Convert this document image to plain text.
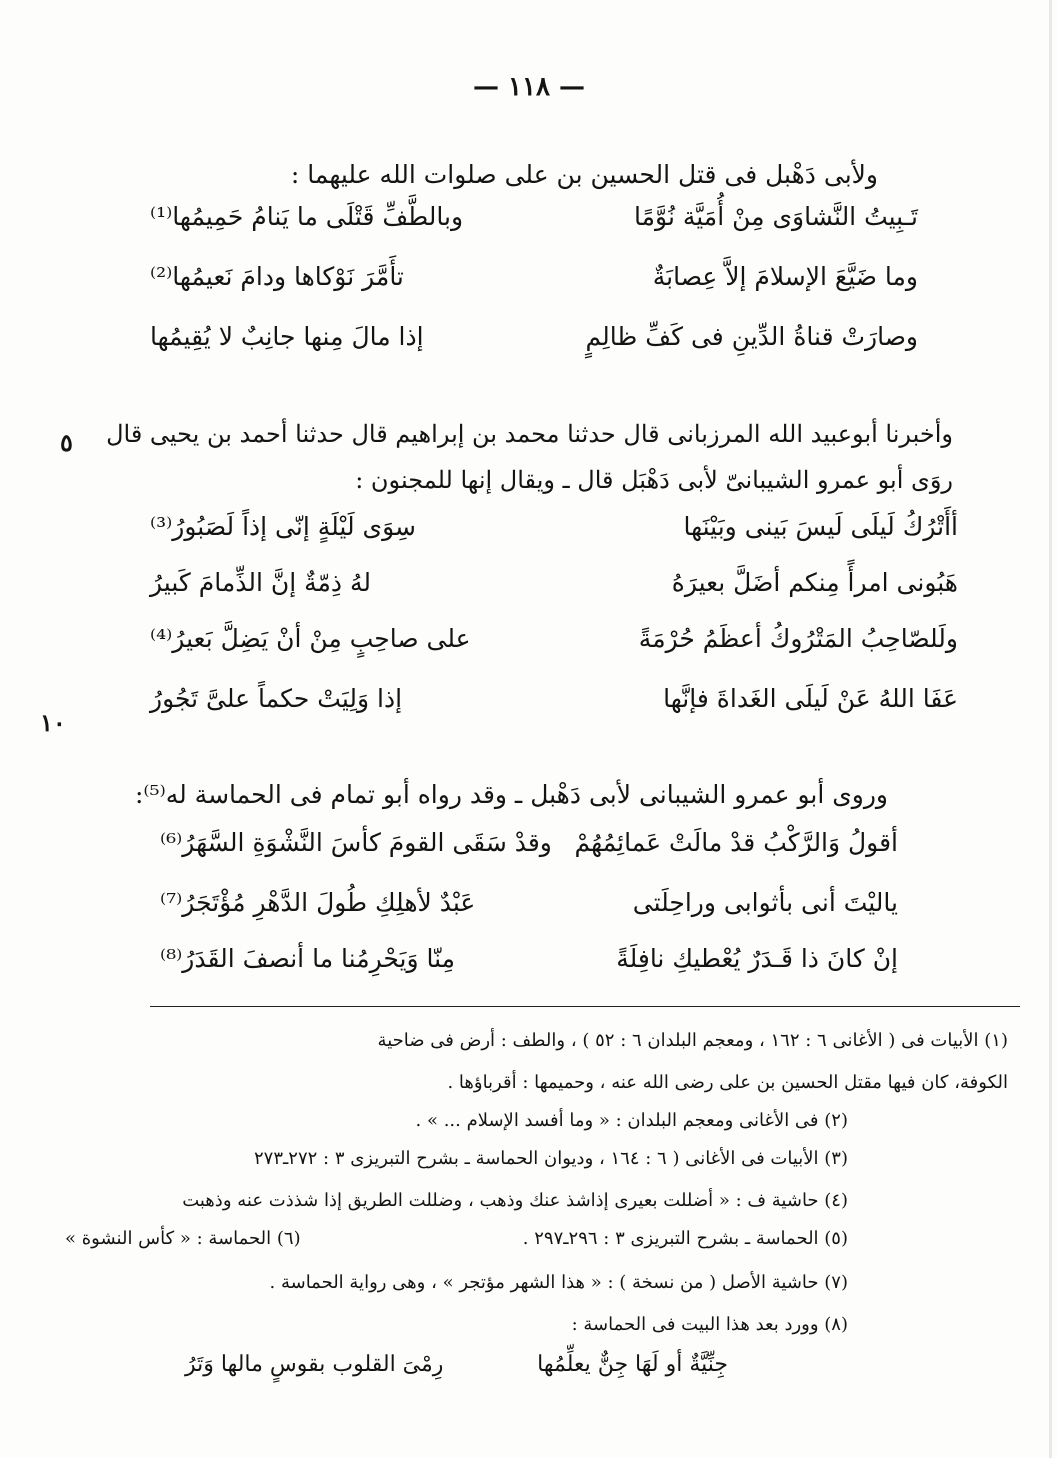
— ١١٨ —
ولأبى دَهْبل فى قتل الحسين بن على صلوات الله عليهما :
تَـبِيتُ النَّشاوَى مِنْ أُمَيَّة نُوَّمًا
وبالطَّفِّ قَتْلَى ما يَنامُ حَمِيمُها⁽¹⁾
وما ضَيَّعَ الإسلامَ إلاَّ عِصابَةٌ
تأَمَّرَ نَوْكاها ودامَ نَعيمُها⁽²⁾
وصارَتْ قناةُ الدِّينِ فى كَفِّ ظالِمٍ
إذا مالَ مِنها جانِبٌ لا يُقِيمُها
وأخبرنا أبوعبيد الله المرزبانى قال حدثنا محمد بن إبراهيم قال حدثنا أحمد بن يحيى قال
٥
روَى أبو عمرو الشيبانىّ لأبى دَهْبَل قال ـ ويقال إنها للمجنون :
أأَتْرُكُ لَيلَى لَيسَ بَينى وبَيْنَها
سِوَى لَيْلَةٍ إنّى إذاً لَصَبُورُ⁽³⁾
هَبُونى امرأً مِنكم أضَلَّ بعيرَهُ
لهُ ذِمّةٌ إنَّ الذِّمامَ كَبيرُ
ولَلصّاحِبُ المَتْرُوكُ أعظَمُ حُرْمَةً
على صاحِبٍ مِنْ أنْ يَضِلَّ بَعيرُ⁽⁴⁾
عَفَا اللهُ عَنْ لَيلَى الغَداةَ فإنَّها
إذا وَلِيَتْ حكماً علىَّ تَجُورُ
١٠
وروى أبو عمرو الشيبانى لأبى دَهْبل ـ وقد رواه أبو تمام فى الحماسة له⁽⁵⁾:
أقولُ وَالرَّكْبُ قدْ مالَتْ عَمائِمُهُمْ
وقدْ سَقَى القومَ كأسَ النَّشْوَةِ السَّهَرُ⁽⁶⁾
ياليْتَ أنى بأثوابى وراحِلَتى
عَبْدٌ لأهلِكِ طُولَ الدَّهْرِ مُؤْتَجَرُ⁽⁷⁾
إنْ كانَ ذا قَـدَرٌ يُعْطيكِ نافِلَةً
مِنّا وَيَحْرِمُنا ما أنصفَ القَدَرُ⁽⁸⁾
(١) الأبيات فى ( الأغانى ٦ : ١٦٢ ، ومعجم البلدان ٦ : ٥٢ ) ، والطف : أرض فى ضاحية
الكوفة، كان فيها مقتل الحسين بن على رضى الله عنه ، وحميمها : أقرباؤها .
(٢) فى الأغانى ومعجم البلدان : « وما أفسد الإسلام ... » .
(٣) الأبيات فى الأغانى ( ٦ : ١٦٤ ، وديوان الحماسة ـ بشرح التبريزى ٣ : ٢٧٢ـ٢٧٣
(٤) حاشية ف : « أضللت بعيرى إذاشذ عنك وذهب ، وضللت الطريق إذا شذذت عنه وذهبت
(٥) الحماسة ـ بشرح التبريزى ٣ : ٢٩٦ـ٢٩٧ .
(٦) الحماسة : « كأس النشوة »
(٧) حاشية الأصل ( من نسخة ) : « هذا الشهر مؤتجر » ، وهى رواية الحماسة .
(٨) وورد بعد هذا البيت فى الحماسة :
جِنِّيَّةٌ أو لَهَا جِنٌّ يعلِّمُها
رِمْىَ القلوب بقوسٍ مالها وَتَرُ
